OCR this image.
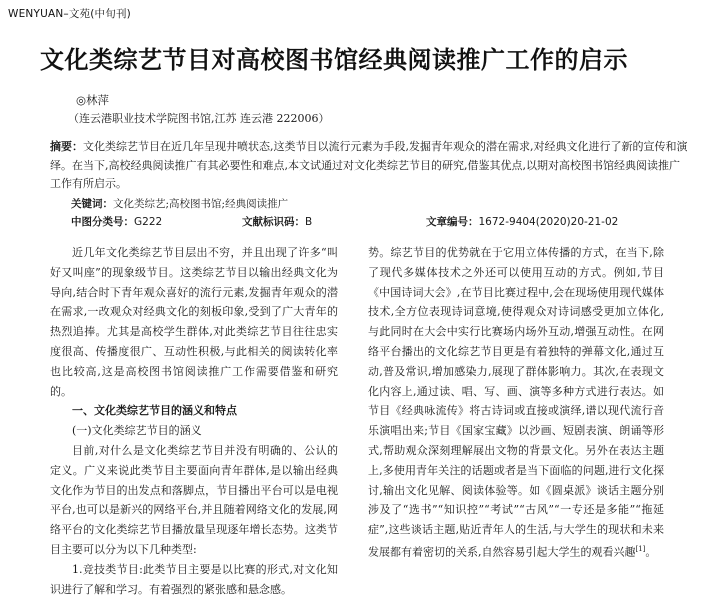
WENYUAN–文苑(中旬刊)
文化类综艺节目对高校图书馆经典阅读推广工作的启示
◎林萍
（连云港职业技术学院图书馆,江苏 连云港 222006）
摘要：文化类综艺节目在近几年呈现井喷状态,这类节目以流行元素为手段,发掘青年观众的潜在需求,对经典文化进行了新的宣传和演绎。在当下,高校经典阅读推广有其必要性和难点,本文试通过对文化类综艺节目的研究,借鉴其优点,以期对高校图书馆经典阅读推广工作有所启示。
关键词：文化类综艺;高校图书馆;经典阅读推广
中图分类号：G222	文献标识码：B	文章编号：1672-9404(2020)20-21-02

近几年文化类综艺节目层出不穷，并且出现了许多“叫好又叫座”的现象级节目。这类综艺节目以输出经典文化为导向,结合时下青年观众喜好的流行元素,发掘青年观众的潜在需求,一改观众对经典文化的刻板印象,受到了广大青年的热烈追捧。尤其是高校学生群体,对此类综艺节目往往忠实度很高、传播度很广、互动性积极,与此相关的阅读转化率也比较高,这是高校图书馆阅读推广工作需要借鉴和研究的。

一、文化类综艺节目的涵义和特点

(一)文化类综艺节目的涵义

目前,对什么是文化类综艺节目并没有明确的、公认的定义。广义来说此类节目主要面向青年群体,是以输出经典文化作为节目的出发点和落脚点，节目播出平台可以是电视平台,也可以是新兴的网络平台,并且随着网络文化的发展,网络平台的文化类综艺节目播放量呈现逐年增长态势。这类节目主要可以分为以下几种类型:

1.竞技类节目:此类节目主要是以比赛的形式,对文化知识进行了解和学习。有着强烈的紧张感和悬念感。

势。综艺节目的优势就在于它用立体传播的方式，在当下,除了现代多媒体技术之外还可以使用互动的方式。例如,节目《中国诗词大会》,在节目比赛过程中,会在现场使用现代媒体技术,全方位表现诗词意境,使得观众对诗词感受更加立体化,与此同时在大会中实行比赛场内场外互动,增强互动性。在网络平台播出的文化综艺节目更是有着独特的弹幕文化,通过互动,普及常识,增加感染力,展现了群体影响力。其次,在表现文化内容上,通过读、唱、写、画、演等多种方式进行表达。如节目《经典咏流传》将古诗词或直接或演绎,谱以现代流行音乐演唱出来;节目《国家宝藏》以沙画、短剧表演、朗诵等形式,帮助观众深刻理解展出文物的背景文化。另外在表达主题上,多使用青年关注的话题或者是当下面临的问题,进行文化探讨,输出文化见解、阅读体验等。如《圆桌派》谈话主题分别涉及了“选书”“知识控”“考试”“古风”“一专还是多能”“拖延症”,这些谈话主题,贴近青年人的生活,与大学生的现状和未来发展都有着密切的关系,自然容易引起大学生的观看兴趣[1]。
